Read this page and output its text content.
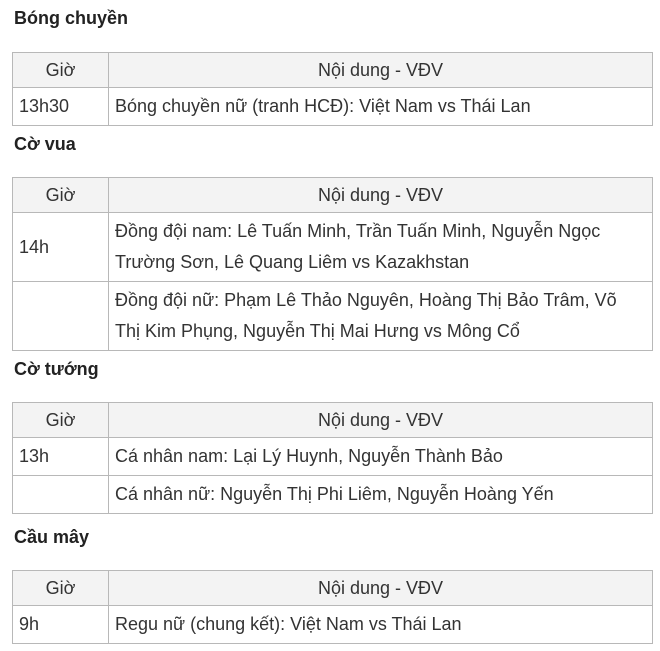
Bóng chuyền
Giờ	Nội dung - VĐV
13h30	Bóng chuyền nữ (tranh HCĐ): Việt Nam vs Thái Lan
Cờ vua
Giờ	Nội dung - VĐV
14h	Đồng đội nam: Lê Tuấn Minh, Trần Tuấn Minh, Nguyễn Ngọc Trường Sơn, Lê Quang Liêm vs Kazakhstan
	Đồng đội nữ: Phạm Lê Thảo Nguyên, Hoàng Thị Bảo Trâm, Võ Thị Kim Phụng, Nguyễn Thị Mai Hưng vs Mông Cổ
Cờ tướng
Giờ	Nội dung - VĐV
13h	Cá nhân nam: Lại Lý Huynh, Nguyễn Thành Bảo
	Cá nhân nữ: Nguyễn Thị Phi Liêm, Nguyễn Hoàng Yến
Cầu mây
Giờ	Nội dung - VĐV
9h	Regu nữ (chung kết): Việt Nam vs Thái Lan
